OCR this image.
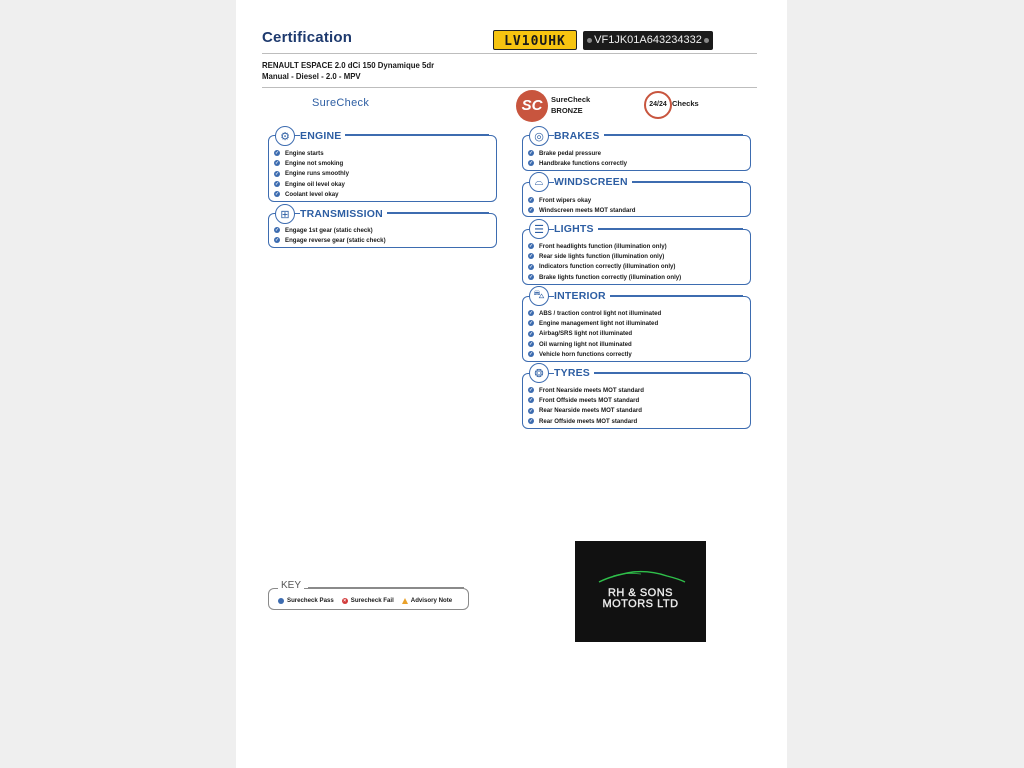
Certification	LV10UHK	VF1JK01A643234332
RENAULT ESPACE 2.0 dCi 150 Dynamique 5dr
Manual - Diesel - 2.0 - MPV
SureCheck	SC	SureCheck
BRONZE
24/24 Checks
✓ Engine starts
✓ Engine not smoking
✓ Engine runs smoothly
✓ Engine oil level okay
✓ Coolant level okay
⚙ ENGINE
✓ Engage 1st gear (static check)
✓ Engage reverse gear (static check)
⊞ TRANSMISSION
✓ Brake pedal pressure
✓ Handbrake functions correctly
◎ BRAKES
✓ Front wipers okay
✓ Windscreen meets MOT standard
⌓	WINDSCREEN
✓ Front headlights function (illumination only)
✓ Rear side lights function (illumination only)
✓ Indicators function correctly (illumination only)
✓ Brake lights function correctly (illumination only)
☰ LIGHTS
✓ ABS / traction control light not illuminated
✓ Engine management light not illuminated
✓ Airbag/SRS light not illuminated
✓ Oil warning light not illuminated
✓ Vehicle horn functions correctly
⛍ INTERIOR
✓ Front Nearside meets MOT standard
✓ Front Offside meets MOT standard
✓ Rear Nearside meets MOT standard
✓ Rear Offside meets MOT standard
❂ TYRES
KEY
Surecheck Pass	× Surecheck Fail	Advisory Note
RH & SONS
MOTORS LTD
